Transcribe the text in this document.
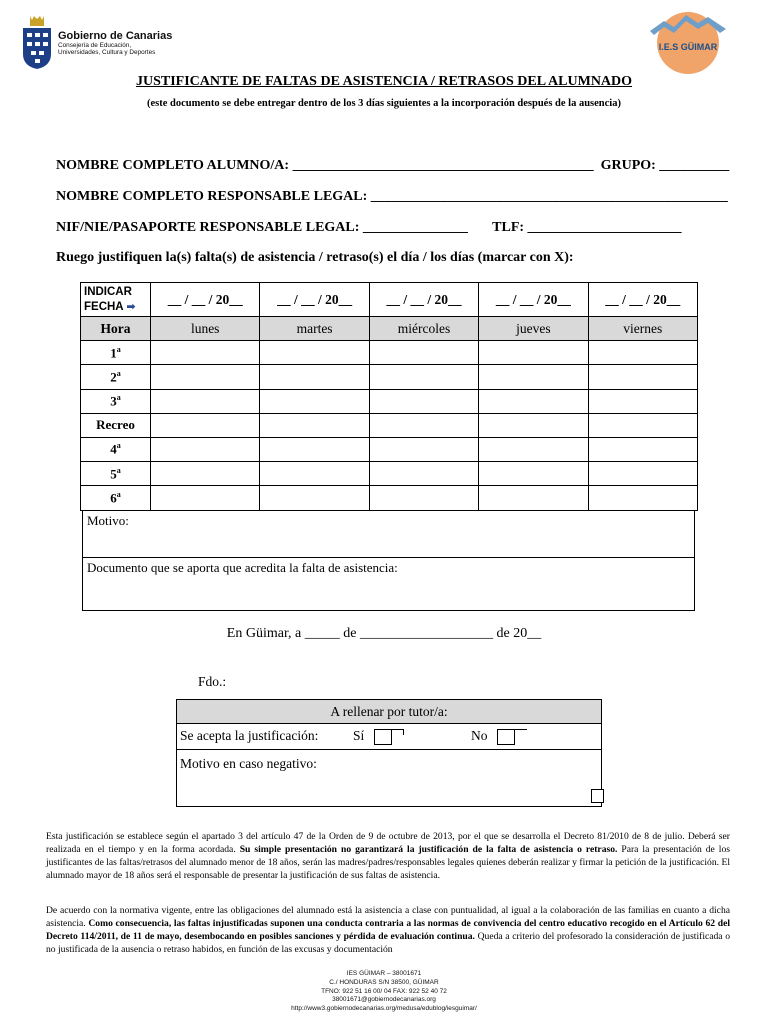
Gobierno de Canarias
Consejería de Educación,
Universidades, Cultura y Deportes
I.E.S GÜIMAR
JUSTIFICANTE DE FALTAS DE ASISTENCIA / RETRASOS DEL ALUMNADO
(este documento se debe entregar dentro de los 3 días siguientes a la incorporación después de la ausencia)
NOMBRE COMPLETO ALUMNO/A: ___________________________________________  GRUPO: __________
NOMBRE COMPLETO RESPONSABLE LEGAL: ___________________________________________________
NIF/NIE/PASAPORTE RESPONSABLE LEGAL: _______________       TLF: ______________________
Ruego justifiquen la(s) falta(s) de asistencia / retraso(s) el día / los días (marcar con X):
INDICAR
FECHA ➡	__ / __ / 20__	__ / __ / 20__	__ / __ / 20__	__ / __ / 20__	__ / __ / 20__
Hora	lunes	martes	miércoles	jueves	viernes
1$^a$					
2$^a$					
3$^a$					
Recreo					
4$^a$					
5$^a$					
6$^a$					
Motivo:
Documento que se aporta que acredita la falta de asistencia:
En Güimar, a _____ de ___________________ de 20__
Fdo.:
A rellenar por tutor/a:
Se acepta la justificación:	Sí	No
Motivo en caso negativo:
Esta justificación se establece según el apartado 3 del artículo 47 de la Orden de 9 de octubre de 2013, por el que se desarrolla el Decreto 81/2010 de 8 de julio. Deberá ser realizada en el tiempo y en la forma acordada. Su simple presentación no garantizará la justificación de la falta de asistencia o retraso. Para la presentación de los justificantes de las faltas/retrasos del alumnado menor de 18 años, serán las madres/padres/responsables legales quienes deberán realizar y firmar la petición de la justificación. El alumnado mayor de 18 años será el responsable de presentar la justificación de sus faltas de asistencia.
De acuerdo con la normativa vigente, entre las obligaciones del alumnado está la asistencia a clase con puntualidad, al igual a la colaboración de las familias en cuanto a dicha asistencia. Como consecuencia, las faltas injustificadas suponen una conducta contraria a las normas de convivencia del centro educativo recogido en el Artículo 62 del Decreto 114/2011, de 11 de mayo, desembocando en posibles sanciones y pérdida de evaluación continua. Queda a criterio del profesorado la consideración de justificada o no justificada de la ausencia o retraso habidos, en función de las excusas y documentación
IES GÜIMAR – 38001671
C./ HONDURAS S/N 38500, GÜIMAR
TFNO: 922 51 16 00/ 04 FAX: 922 52 40 72
38001671@gobiernodecanarias.org
http://www3.gobiernodecanarias.org/medusa/edublog/iesguimar/
